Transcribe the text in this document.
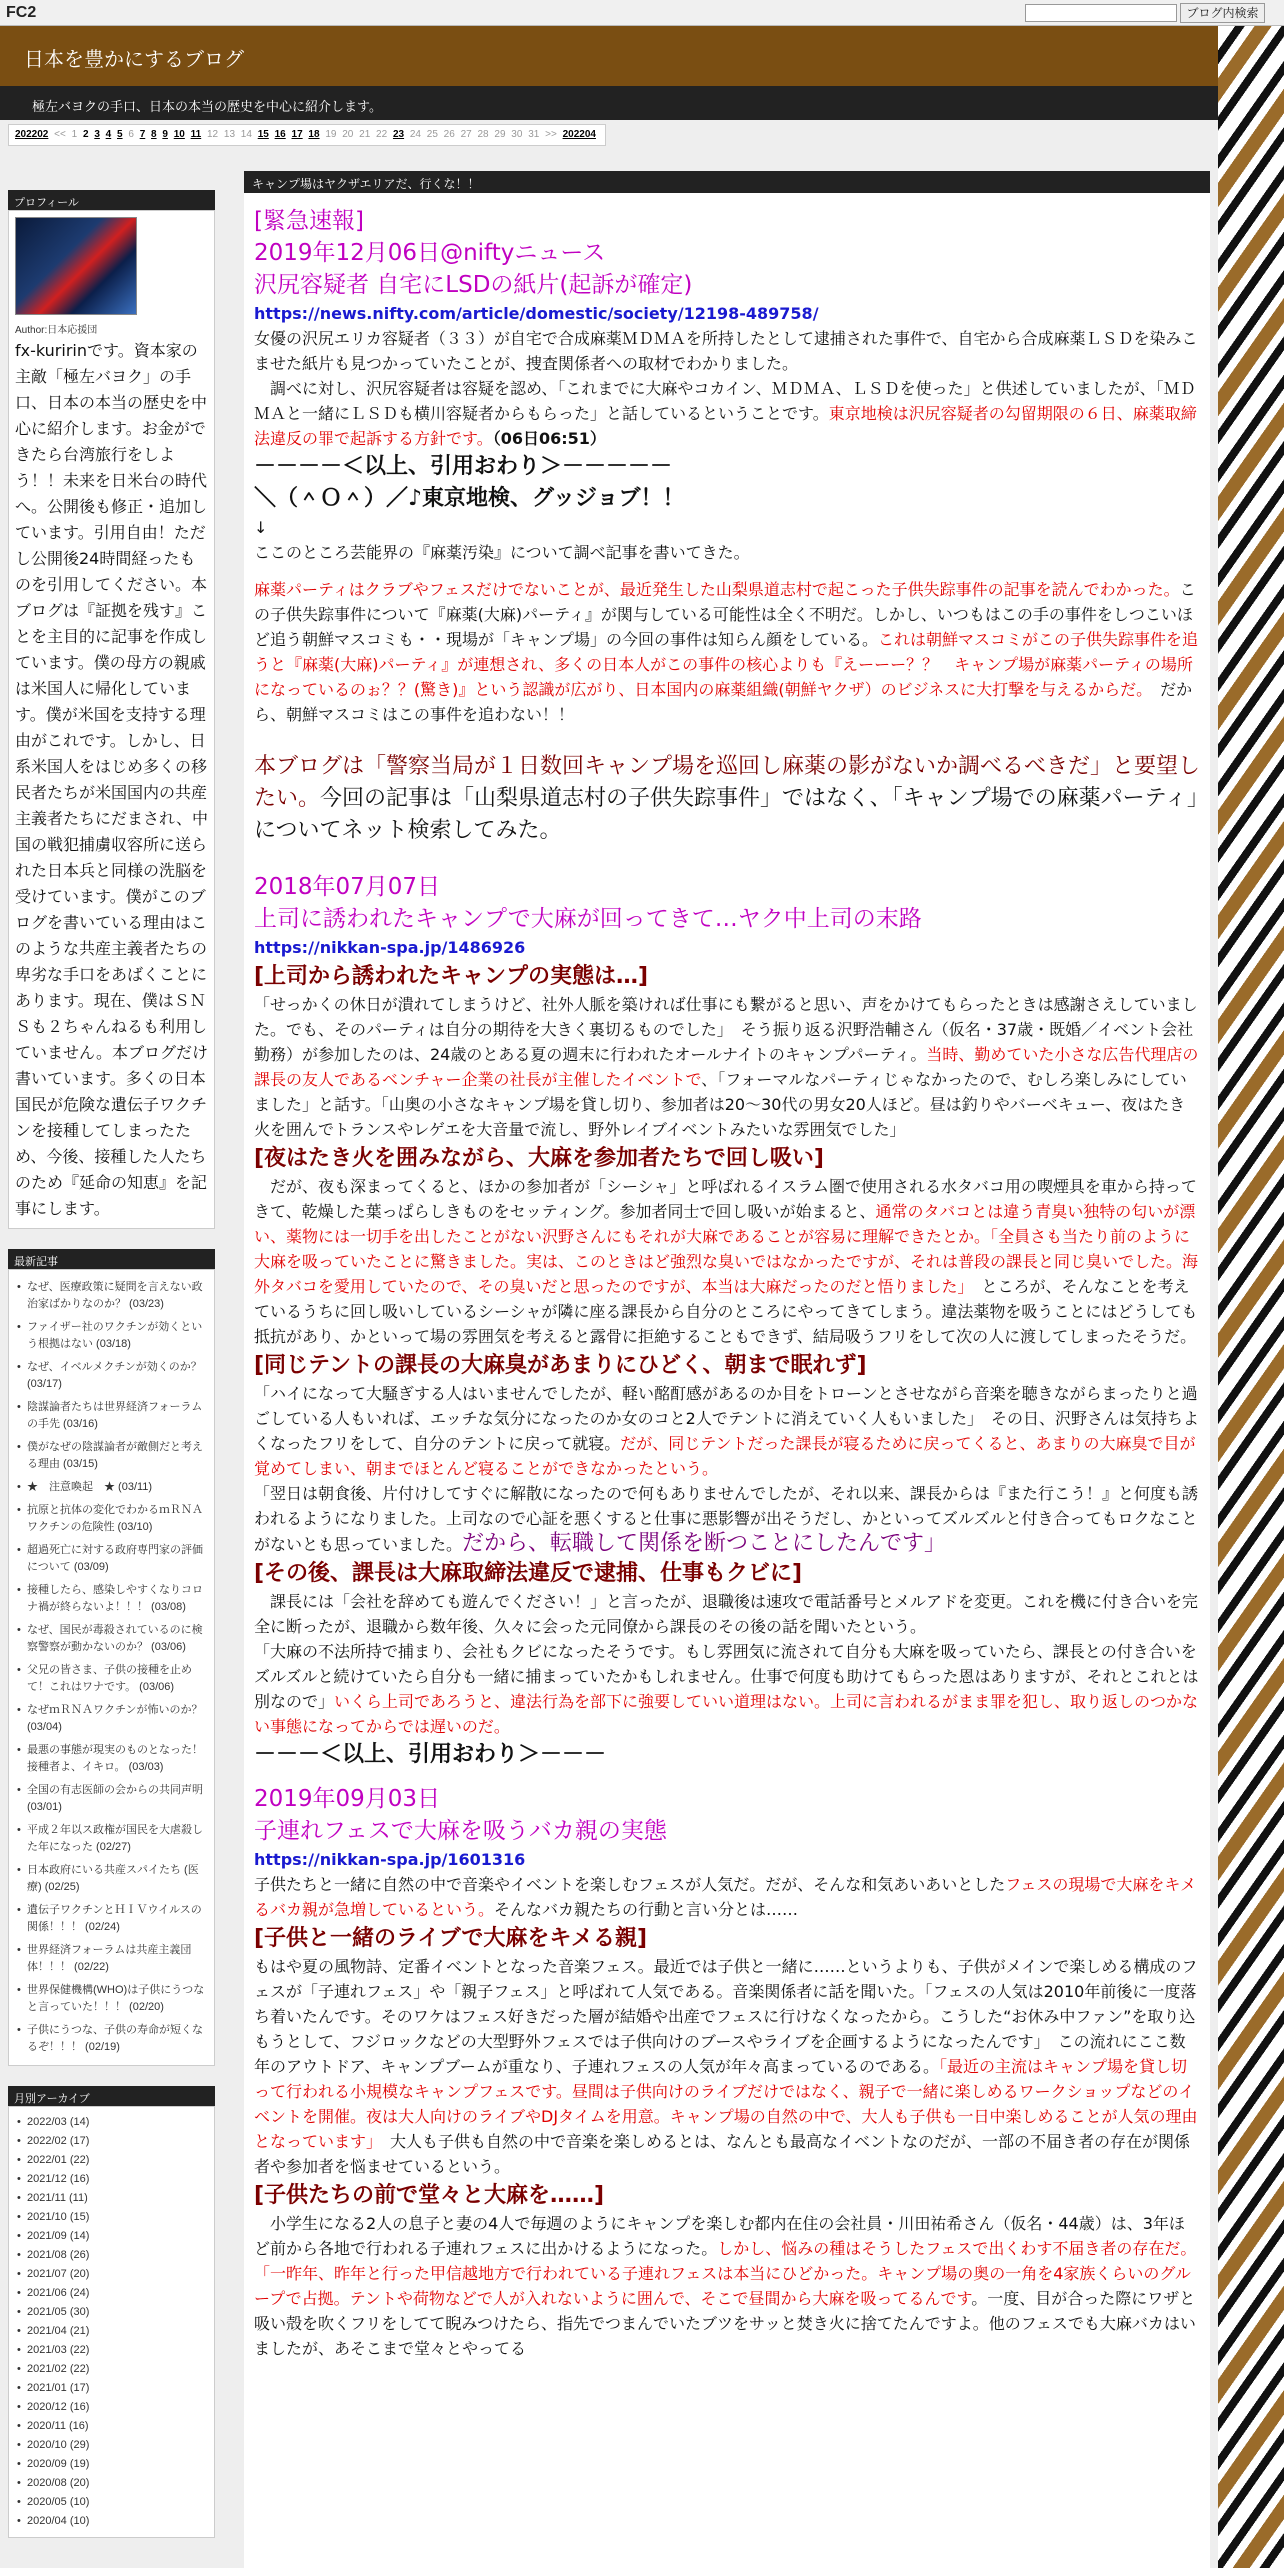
FC2	ブログ内検索
日本を豊かにするブログ
極左バヨクの手口、日本の本当の歴史を中心に紹介します。
202202 << 1 2 3 4 5 6 7 8 9 10 11 12 13 14 15 16 17 18 19 20 21 22 23 24 25 26 27 28 29 30 31 >> 202204
プロフィール
Author:日本応援団
fx-kuririnです。資本家の主敵「極左バヨク」の手口、日本の本当の歴史を中心に紹介します。お金ができたら台湾旅行をしよう！！未来を日米台の時代へ。公開後も修正・追加しています。引用自由！ただし公開後24時間経ったものを引用してください。本ブログは『証拠を残す』ことを主目的に記事を作成しています。僕の母方の親戚は米国人に帰化しています。僕が米国を支持する理由がこれです。しかし、日系米国人をはじめ多くの移民者たちが米国国内の共産主義者たちにだまされ、中国の戦犯捕虜収容所に送られた日本兵と同様の洗脳を受けています。僕がこのブログを書いている理由はこのような共産主義者たちの卑劣な手口をあばくことにあります。現在、僕はＳＮＳも２ちゃんねるも利用していません。本ブログだけ書いています。多くの日本国民が危険な遺伝子ワクチンを接種してしまったため、今後、接種した人たちのため『延命の知恵』を記事にします。
最新記事
• なぜ、医療政策に疑問を言えない政治家ばかりなのか？ (03/23)
• ファイザー社のワクチンが効くという根拠はない (03/18)
• なぜ、イベルメクチンが効くのか？ (03/17)
• 陰謀論者たちは世界経済フォーラムの手先 (03/16)
• 僕がなぜの陰謀論者が敵側だと考える理由 (03/15)
• ★　注意喚起　★ (03/11)
• 抗原と抗体の変化でわかるｍＲＮＡワクチンの危険性 (03/10)
• 超過死亡に対する政府専門家の評価について (03/09)
• 接種したら、感染しやすくなりコロナ禍が終らないよ！！！ (03/08)
• なぜ、国民が毒殺されているのに検察警察が動かないのか？ (03/06)
• 父兄の皆さま、子供の接種を止めて！これはワナです。 (03/06)
• なぜｍＲＮＡワクチンが怖いのか？ (03/04)
• 最悪の事態が現実のものとなった！接種者よ、イキロ。 (03/03)
• 全国の有志医師の会からの共同声明 (03/01)
• 平成２年以ス政権が国民を大虐殺した年になった (02/27)
• 日本政府にいる共産スパイたち (医療) (02/25)
• 遺伝子ワクチンとＨＩＶウイルスの関係！！！ (02/24)
• 世界経済フォーラムは共産主義団体！！！ (02/22)
• 世界保健機構(WHO)は子供にうつなと言っていた！！！ (02/20)
• 子供にうつな、子供の寿命が短くなるぞ！！！ (02/19)
月別アーカイブ
• 2022/03 (14)
• 2022/02 (17)
• 2022/01 (22)
• 2021/12 (16)
• 2021/11 (11)
• 2021/10 (15)
• 2021/09 (14)
• 2021/08 (26)
• 2021/07 (20)
• 2021/06 (24)
• 2021/05 (30)
• 2021/04 (21)
• 2021/03 (22)
• 2021/02 (22)
• 2021/01 (17)
• 2020/12 (16)
• 2020/11 (16)
• 2020/10 (29)
• 2020/09 (19)
• 2020/08 (20)
• 2020/05 (10)
• 2020/04 (10)
キャンプ場はヤクザエリアだ、行くな！！

[緊急速報]

2019年12月06日@niftyニュース

沢尻容疑者 自宅にLSDの紙片(起訴が確定)

https://news.nifty.com/article/domestic/society/12198-489758/

女優の沢尻エリカ容疑者（３３）が自宅で合成麻薬ＭＤＭＡを所持したとして逮捕された事件で、自宅から合成麻薬ＬＳＤを染みこませた紙片も見つかっていたことが、捜査関係者への取材でわかりました。

　調べに対し、沢尻容疑者は容疑を認め、「これまでに大麻やコカイン、ＭＤＭＡ、ＬＳＤを使った」と供述していましたが、「ＭＤＭＡと一緒にＬＳＤも横川容疑者からもらった」と話しているということです。東京地検は沢尻容疑者の勾留期限の６日、麻薬取締法違反の罪で起訴する方針です。（06日06:51）

－－－－＜以上、引用おわり＞－－－－－

＼（＾Ｏ＾）／♪東京地検、グッジョブ！！

↓

ここのところ芸能界の『麻薬汚染』について調べ記事を書いてきた。

麻薬パーティはクラブやフェスだけでないことが、最近発生した山梨県道志村で起こった子供失踪事件の記事を読んでわかった。この子供失踪事件について『麻薬(大麻)パーティ』が関与している可能性は全く不明だ。しかし、いつもはこの手の事件をしつこいほど追う朝鮮マスコミも・・現場が「キャンプ場」の今回の事件は知らん顔をしている。これは朝鮮マスコミがこの子供失踪事件を追うと『麻薬(大麻)パーティ』が連想され、多くの日本人がこの事件の核心よりも『えーーー？？　キャンプ場が麻薬パーティの場所になっているのぉ？？(驚き)』という認識が広がり、日本国内の麻薬組織(朝鮮ヤクザ）のビジネスに大打撃を与えるからだ。　だから、朝鮮マスコミはこの事件を追わない！！

本ブログは「警察当局が１日数回キャンプ場を巡回し麻薬の影がないか調べるべきだ」と要望したい。今回の記事は「山梨県道志村の子供失踪事件」ではなく、「キャンプ場での麻薬パーティ」についてネット検索してみた。

2018年07月07日

上司に誘われたキャンプで大麻が回ってきて…ヤク中上司の末路

https://nikkan-spa.jp/1486926

[上司から誘われたキャンプの実態は…]

「せっかくの休日が潰れてしまうけど、社外人脈を築ければ仕事にも繋がると思い、声をかけてもらったときは感謝さえしていました。でも、そのパーティは自分の期待を大きく裏切るものでした」　そう振り返る沢野浩輔さん（仮名・37歳・既婚／イベント会社勤務）が参加したのは、24歳のとある夏の週末に行われたオールナイトのキャンプパーティ。当時、勤めていた小さな広告代理店の課長の友人であるベンチャー企業の社長が主催したイベントで、「フォーマルなパーティじゃなかったので、むしろ楽しみにしていました」と話す。「山奥の小さなキャンプ場を貸し切り、参加者は20～30代の男女20人ほど。昼は釣りやバーベキュー、夜はたき火を囲んでトランスやレゲエを大音量で流し、野外レイブイベントみたいな雰囲気でした」

[夜はたき火を囲みながら、大麻を参加者たちで回し吸い]

　だが、夜も深まってくると、ほかの参加者が「シーシャ」と呼ばれるイスラム圏で使用される水タバコ用の喫煙具を車から持ってきて、乾燥した葉っぱらしきものをセッティング。参加者同士で回し吸いが始まると、通常のタバコとは違う青臭い独特の匂いが漂い、薬物には一切手を出したことがない沢野さんにもそれが大麻であることが容易に理解できたとか。「全員さも当たり前のように大麻を吸っていたことに驚きました。実は、このときはど強烈な臭いではなかったですが、それは普段の課長と同じ臭いでした。海外タバコを愛用していたので、その臭いだと思ったのですが、本当は大麻だったのだと悟りました」　ところが、そんなことを考えているうちに回し吸いしているシーシャが隣に座る課長から自分のところにやってきてしまう。違法薬物を吸うことにはどうしても抵抗があり、かといって場の雰囲気を考えると露骨に拒絶することもできず、結局吸うフリをして次の人に渡してしまったそうだ。

[同じテントの課長の大麻臭があまりにひどく、朝まで眠れず]

「ハイになって大騒ぎする人はいませんでしたが、軽い酩酊感があるのか目をトローンとさせながら音楽を聴きながらまったりと過ごしている人もいれば、エッチな気分になったのか女のコと2人でテントに消えていく人もいました」　その日、沢野さんは気持ちよくなったフリをして、自分のテントに戻って就寝。だが、同じテントだった課長が寝るために戻ってくると、あまりの大麻臭で目が覚めてしまい、朝までほとんど寝ることができなかったという。

「翌日は朝食後、片付けしてすぐに解散になったので何もありませんでしたが、それ以来、課長からは『また行こう！』と何度も誘われるようになりました。上司なので心証を悪くすると仕事に悪影響が出そうだし、かといってズルズルと付き合ってもロクなことがないとも思っていました。だから、転職して関係を断つことにしたんです」

[その後、課長は大麻取締法違反で逮捕、仕事もクビに]

　課長には「会社を辞めても遊んでください！」と言ったが、退職後は速攻で電話番号とメルアドを変更。これを機に付き合いを完全に断ったが、退職から数年後、久々に会った元同僚から課長のその後の話を聞いたという。

「大麻の不法所持で捕まり、会社もクビになったそうです。もし雰囲気に流されて自分も大麻を吸っていたら、課長との付き合いをズルズルと続けていたら自分も一緒に捕まっていたかもしれません。仕事で何度も助けてもらった恩はありますが、それとこれとは別なので」いくら上司であろうと、違法行為を部下に強要していい道理はない。上司に言われるがまま罪を犯し、取り返しのつかない事態になってからでは遅いのだ。

－－－＜以上、引用おわり＞－－－

2019年09月03日

子連れフェスで大麻を吸うバカ親の実態

https://nikkan-spa.jp/1601316

子供たちと一緒に自然の中で音楽やイベントを楽しむフェスが人気だ。だが、そんな和気あいあいとしたフェスの現場で大麻をキメるバカ親が急増しているという。そんなバカ親たちの行動と言い分とは……

[子供と一緒のライブで大麻をキメる親]

もはや夏の風物詩、定番イベントとなった音楽フェス。最近では子供と一緒に……というよりも、子供がメインで楽しめる構成のフェスが「子連れフェス」や「親子フェス」と呼ばれて人気である。音楽関係者に話を聞いた。「フェスの人気は2010年前後に一度落ち着いたんです。そのワケはフェス好きだった層が結婚や出産でフェスに行けなくなったから。こうした“お休み中ファン”を取り込もうとして、フジロックなどの大型野外フェスでは子供向けのブースやライブを企画するようになったんです」　この流れにここ数年のアウトドア、キャンプブームが重なり、子連れフェスの人気が年々高まっているのである。「最近の主流はキャンプ場を貸し切って行われる小規模なキャンプフェスです。昼間は子供向けのライブだけではなく、親子で一緒に楽しめるワークショップなどのイベントを開催。夜は大人向けのライブやDJタイムを用意。キャンプ場の自然の中で、大人も子供も一日中楽しめることが人気の理由となっています」　大人も子供も自然の中で音楽を楽しめるとは、なんとも最高なイベントなのだが、一部の不届き者の存在が関係者や参加者を悩ませているという。

[子供たちの前で堂々と大麻を……]

　小学生になる2人の息子と妻の4人で毎週のようにキャンプを楽しむ都内在住の会社員・川田祐希さん（仮名・44歳）は、3年ほど前から各地で行われる子連れフェスに出かけるようになった。しかし、悩みの種はそうしたフェスで出くわす不届き者の存在だ。「一昨年、昨年と行った甲信越地方で行われている子連れフェスは本当にひどかった。キャンプ場の奥の一角を4家族くらいのグループで占拠。テントや荷物などで人が入れないように囲んで、そこで昼間から大麻を吸ってるんです。一度、目が合った際にワザと吸い殻を吹くフリをしてて睨みつけたら、指先でつまんでいたブツをサッと焚き火に捨てたんですよ。他のフェスでも大麻バカはいましたが、あそこまで堂々とやってる
